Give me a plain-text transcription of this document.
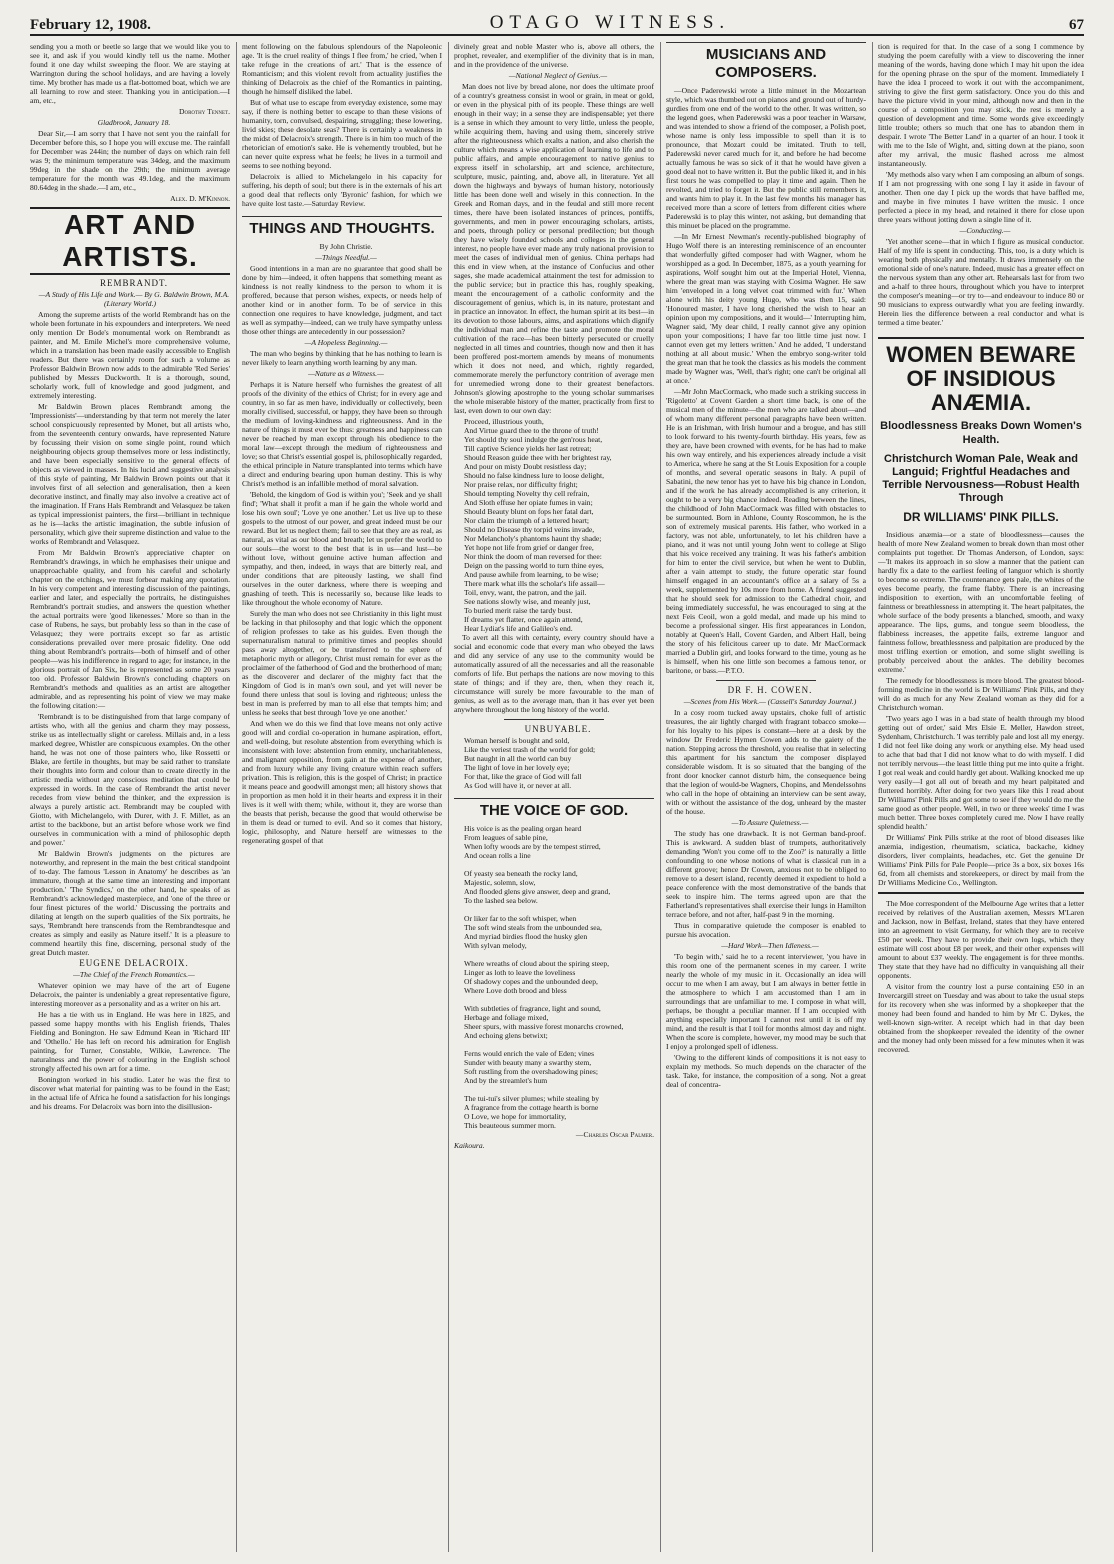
February 12, 1908.	OTAGO WITNESS.	67

sending you a moth or beetle so large that we would like you to see it, and ask if you would kindly tell us the name. Mother found it one day whilst sweeping the floor. We are staying at Warrington during the school holidays, and are having a lovely time. My brother has made us a flat-bottomed boat, which we are all learning to row and steer. Thanking you in anticipation.—I am, etc.,

Dorothy Tennet.

Gladbrook, January 18.

Dear Sir,—I am sorry that I have not sent you the rainfall for December before this, so I hope you will excuse me. The rainfall for December was 244in; the number of days on which rain fell was 9; the minimum temperature was 34deg, and the maximum 99deg in the shade on the 29th; the minimum average temperature for the month was 49.1deg, and the maximum 80.64deg in the shade.—I am, etc.,

Alex. D. M'Kinnon.

ART AND ARTISTS.

REMBRANDT.

—A Study of His Life and Work.— By G. Baldwin Brown, M.A. (Literary World.)

Among the supreme artists of the world Rembrandt has on the whole been fortunate in his expounders and interpreters. We need only mention Dr Bode's monumental work on Rembrandt as painter, and M. Emile Michel's more comprehensive volume, which in a translation has been made easily accessible to English readers. But there was certainly room for such a volume as Professor Baldwin Brown now adds to the admirable 'Red Series' published by Messrs Duckworth. It is a thorough, sound, scholarly work, full of knowledge and good judgment, and extremely interesting.

Mr Baldwin Brown places Rembrandt among the 'Impressionists'—understanding by that term not merely the later school conspicuously represented by Monet, but all artists who, from the seventeenth century onwards, have represented Nature by focussing their vision on some single point, round which neighbouring objects group themselves more or less indistinctly, and have been especially sensitive to the general effects of objects as viewed in masses. In his lucid and suggestive analysis of this style of painting, Mr Baldwin Brown points out that it involves first of all selection and generalisation, then a keen decorative instinct, and finally may also involve a creative act of the imagination. If Frans Hals Rembrandt and Velasquez be taken as typical impressionist painters, the first—brilliant in technique as he is—lacks the artistic imagination, the subtle infusion of personality, which give their supreme distinction and value to the works of Rembrandt and Velasquez.

From Mr Baldwin Brown's appreciative chapter on Rembrandt's drawings, in which he emphasises their unique and unapproachable quality, and from his careful and scholarly chapter on the etchings, we must forbear making any quotation. In his very competent and interesting discussion of the paintings, earlier and later, and especially the portraits, he distinguishes Rembrandt's portrait studies, and answers the question whether the actual portraits were 'good likenesses.' More so than in the case of Rubens, he says, but probably less so than in the case of Velasquez; they were portraits except so far as artistic considerations prevailed over mere prosaic fidelity. One odd thing about Rembrandt's portraits—both of himself and of other people—was his indifference in regard to age; for instance, in the glorious portrait of Jan Six, he is represented as some 20 years too old. Professor Baldwin Brown's concluding chapters on Rembrandt's methods and qualities as an artist are altogether admirable, and as representing his point of view we may make the following citation:—

'Rembrandt is to be distinguished from that large company of artists who, with all the genius and charm they may possess, strike us as intellectually slight or careless. Millais and, in a less marked degree, Whistler are conspicuous examples. On the other hand, he was not one of those painters who, like Rossetti or Blake, are fertile in thoughts, but may be said rather to translate their thoughts into form and colour than to create directly in the artistic media without any conscious meditation that could be expressed in words. In the case of Rembrandt the artist never recedes from view behind the thinker, and the expression is always a purely artistic act. Rembrandt may be coupled with Giotto, with Michelangelo, with Durer, with J. F. Millet, as an artist to the backbone, but an artist before whose work we find ourselves in communication with a mind of philosophic depth and power.'

Mr Baldwin Brown's judgments on the pictures are noteworthy, and represent in the main the best critical standpoint of to-day. The famous 'Lesson in Anatomy' he describes as 'an immature, though at the same time an interesting and important production.' 'The Syndics,' on the other hand, he speaks of as Rembrandt's acknowledged masterpiece, and 'one of the three or four finest pictures of the world.' Discussing the portraits and dilating at length on the superb qualities of the Six portraits, he says, 'Rembrandt here transcends from the Rembrandtesque and creates as simply and easily as Nature itself.' It is a pleasure to commend heartily this fine, discerning, personal study of the great Dutch master.

EUGENE DELACROIX.

—The Chief of the French Romantics.—

Whatever opinion we may have of the art of Eugene Delacroix, the painter is undeniably a great representative figure, interesting moreover as a personality and as a writer on his art.

He has a tie with us in England. He was here in 1825, and passed some happy months with his English friends, Thales Fielding and Bonington. He saw Edmund Kean in 'Richard III' and 'Othello.' He has left on record his admiration for English painting, for Turner, Constable, Wilkie, Lawrence. The naturalness and the power of colouring in the English school strongly affected his own art for a time.

Bonington worked in his studio. Later he was the first to discover what material for painting was to be found in the East; in the actual life of Africa he found a satisfaction for his longings and his dreams. For Delacroix was born into the disillusion-

ment following on the fabulous splendours of the Napoleonic age. 'It is the cruel reality of things I flee from,' he cried, 'when I take refuge in the creations of art.' That is the essence of Romanticism; and this violent revolt from actuality justifies the thinking of Delacroix as the chief of the Romantics in painting, though he himself disliked the label.

But of what use to escape from everyday existence, some may say, if there is nothing better to escape to than these visions of humanity, torn, convulsed, despairing, struggling; these lowering, livid skies; these desolate seas? There is certainly a weakness in the midst of Delacroix's strength. There is in him too much of the rhetorician of emotion's sake. He is vehemently troubled, but he can never quite express what he feels; he lives in a turmoil and seems to see nothing beyond.

Delacroix is allied to Michelangelo in his capacity for suffering, his depth of soul; but there is in the externals of his art a good deal that reflects only 'Byronic' fashion, for which we have quite lost taste.—Saturday Review.

THINGS AND THOUGHTS.

By John Christie.

—Things Needful.—

Good intentions in a man are no guarantee that good shall be done by him—indeed, it often happens that something meant as kindness is not really kindness to the person to whom it is proffered, because that person wishes, expects, or needs help of another kind or in another form. To be of service in this connection one requires to have knowledge, judgment, and tact as well as sympathy—indeed, can we truly have sympathy unless those other things are antecedently in our possession?

—A Hopeless Beginning.—

The man who begins by thinking that he has nothing to learn is never likely to learn anything worth learning by any man.

—Nature as a Witness.—

Perhaps it is Nature herself who furnishes the greatest of all proofs of the divinity of the ethics of Christ; for in every age and country, in so far as men have, individually or collectively, been morally civilised, successful, or happy, they have been so through the medium of loving-kindness and righteousness. And in the nature of things it must ever be thus: greatness and happiness can never be reached by man except through his obedience to the moral law—except through the medium of righteousness and love; so that Christ's essential gospel is, philosophically regarded, the ethical principle in Nature transplanted into terms which have a direct and enduring bearing upon human destiny. This is why Christ's method is an infallible method of moral salvation.

'Behold, the kingdom of God is within you'; 'Seek and ye shall find'; 'What shall it profit a man if he gain the whole world and lose his own soul'; 'Love ye one another.' Let us live up to these gospels to the utmost of our power, and great indeed must be our reward. But let us neglect them; fail to see that they are as real, as natural, as vital as our blood and breath; let us prefer the world to our souls—the worst to the best that is in us—and lust—be without love, without genuine active human affection and sympathy, and then, indeed, in ways that are bitterly real, and under conditions that are piteously lasting, we shall find ourselves in the outer darkness, where there is weeping and gnashing of teeth. This is necessarily so, because like leads to like throughout the whole economy of Nature.

Surely the man who does not see Christianity in this light must be lacking in that philosophy and that logic which the opponent of religion professes to take as his guides. Even though the supernaturalism natural to primitive times and peoples should pass away altogether, or be transferred to the sphere of metaphoric myth or allegory, Christ must remain for ever as the proclaimer of the fatherhood of God and the brotherhood of man; as the discoverer and declarer of the mighty fact that the Kingdom of God is in man's own soul, and yet will never be found there unless that soul is loving and righteous; unless the best in man is preferred by man to all else that tempts him; and unless he seeks that best through 'love ye one another.'

And when we do this we find that love means not only active good will and cordial co-operation in humane aspiration, effort, and well-doing, but resolute abstention from everything which is inconsistent with love: abstention from enmity, uncharitableness, and malignant opposition, from gain at the expense of another, and from luxury while any living creature within reach suffers privation. This is religion, this is the gospel of Christ; in practice it means peace and goodwill amongst men; all history shows that in proportion as men hold it in their hearts and express it in their lives is it well with them; while, without it, they are worse than the beasts that perish, because the good that would otherwise be in them is dead or turned to evil. And so it comes that history, logic, philosophy, and Nature herself are witnesses to the regenerating gospel of that

divinely great and noble Master who is, above all others, the prophet, revealer, and exemplifier of the divinity that is in man, and in the providence of the universe.

—National Neglect of Genius.—

Man does not live by bread alone, nor does the ultimate proof of a country's greatness consist in wool or grain, in meat or gold, or even in the physical pith of its people. These things are well enough in their way; in a sense they are indispensable; yet there is a sense in which they amount to very little, unless the people, while acquiring them, having and using them, sincerely strive after the righteousness which exalts a nation, and also cherish the culture which means a wise application of learning to life and to public affairs, and ample encouragement to native genius to express itself in scholarship, art and science, architecture, sculpture, music, painting, and, above all, in literature. Yet all down the highways and byways of human history, notoriously little has been done well and wisely in this connection. In the Greek and Roman days, and in the feudal and still more recent times, there have been isolated instances of princes, pontiffs, governments, and men in power encouraging scholars, artists, and poets, through policy or personal predilection; but though they have wisely founded schools and colleges in the general interest, no people have ever made any truly national provision to meet the cases of individual men of genius. China perhaps had this end in view when, at the instance of Confucius and other sages, she made academical attainment the test for admission to the public service; but in practice this has, roughly speaking, meant the encouragement of a catholic conformity and the discouragement of genius, which is, in its nature, protestant and in practice an innovator. In effect, the human spirit at its best—in its devotion to those labours, aims, and aspirations which dignify the individual man and refine the taste and promote the moral cultivation of the race—has been bitterly persecuted or cruelly neglected in all times and countries, though now and then it has been proffered post-mortem amends by means of monuments which it does not need, and which, rightly regarded, commemorate merely the perfunctory contrition of average men for unremedied wrong done to their greatest benefactors. Johnson's glowing apostrophe to the young scholar summarises the whole miserable history of the matter, practically from first to last, even down to our own day:

Proceed, illustrious youth,
And Virtue guard thee to the throne of truth!
Yet should thy soul indulge the gen'rous heat,
Till captive Science yields her last retreat;
Should Reason guide thee with her brightest ray,
And pour on misty Doubt resistless day;
Should no false kindness lure to loose delight,
Nor praise relax, nor difficulty fright;
Should tempting Novelty thy cell refrain,
And Sloth effuse her opiate fumes in vain;
Should Beauty blunt on fops her fatal dart,
Nor claim the triumph of a lettered heart;
Should no Disease thy torpid veins invade,
Nor Melancholy's phantoms haunt thy shade;
Yet hope not life from grief or danger free,
Nor think the doom of man reversed for thee:
Deign on the passing world to turn thine eyes,
And pause awhile from learning, to be wise;
There mark what ills the scholar's life assail—
Toil, envy, want, the patron, and the jail.
See nations slowly wise, and meanly just,
To buried merit raise the tardy bust.
If dreams yet flatter, once again attend,
Hear Lydiat's life and Galileo's end.

To avert all this with certainty, every country should have a social and economic code that every man who obeyed the laws and did any service of any use to the community would be automatically assured of all the necessaries and all the reasonable comforts of life. But perhaps the nations are now moving to this state of things; and if they are, then, when they reach it, circumstance will surely be more favourable to the man of genius, as well as to the average man, than it has ever yet been anywhere throughout the long history of the world.

UNBUYABLE.

Woman herself is bought and sold,
Like the veriest trash of the world for gold;
But naught in all the world can buy
The light of love in her lovely eye;
For that, like the grace of God will fall
As God will have it, or never at all.
THE VOICE OF GOD.
His voice is as the pealing organ heard
From leagues of sable pine,
When lofty woods are by the tempest stirred,
And ocean rolls a line

Of yeasty sea beneath the rocky land,
Majestic, solemn, slow,
And flooded glens give answer, deep and grand,
To the lashed sea below.

Or liker far to the soft whisper, when
The soft wind steals from the unbounded sea,
And myriad birdies flood the husky glen
With sylvan melody,

Where wreaths of cloud about the spiring steep,
Linger as loth to leave the loveliness
Of shadowy copes and the unbounded deep,
Where Love doth brood and bless

With subtleties of fragrance, light and sound,
Herbage and foliage mixed,
Sheer spurs, with massive forest monarchs crowned,
And echoing glens betwixt;

Ferns would enrich the vale of Eden; vines
Sunder with beauty many a swarthy stem,
Soft rustling from the overshadowing pines;
And by the streamlet's hum

The tui-tui's silver plumes; while stealing by
A fragrance from the cottage hearth is borne
O Love, we hope for immortality,
This beauteous summer morn.

—Charles Oscar Palmer.

Kaikoura.

MUSICIANS AND COMPOSERS.

—Once Paderewski wrote a little minuet in the Mozartean style, which was thumbed out on pianos and ground out of hurdy-gurdies from one end of the world to the other. It was written, so the legend goes, when Paderewski was a poor teacher in Warsaw, and was intended to show a friend of the composer, a Polish poet, whose name is only less impossible to spell than it is to pronounce, that Mozart could be imitated. Truth to tell, Paderewski never cared much for it, and before he had become actually famous he was so sick of it that he would have given a good deal not to have written it. But the public liked it, and in his first tours he was compelled to play it time and again. Then he revolted, and tried to forget it. But the public still remembers it, and wants him to play it. In the last few months his manager has received more than a score of letters from different cities where Paderewski is to play this winter, not asking, but demanding that this minuet be placed on the programme.

—In Mr Ernest Newman's recently-published biography of Hugo Wolf there is an interesting reminiscence of an encounter that wonderfully gifted composer had with Wagner, whom he worshipped as a god. In December, 1875, as a youth yearning for aspirations, Wolf sought him out at the Imperial Hotel, Vienna, where the great man was staying with Cosima Wagner. He saw him 'enveloped in a long velvet coat trimmed with fur.' When alone with his deity young Hugo, who was then 15, said: 'Honoured master, I have long cherished the wish to hear an opinion upon my compositions, and it would—' Interrupting him, Wagner said, 'My dear child, I really cannot give any opinion upon your compositions; I have far too little time just now. I cannot even get my letters written.' And he added, 'I understand nothing at all about music.' When the embryo song-writer told the great man that he took the classics as his models the comment made by Wagner was, 'Well, that's right; one can't be original all at once.'

—Mr John MacCormack, who made such a striking success in 'Rigoletto' at Covent Garden a short time back, is one of the musical men of the minute—the men who are talked about—and of whom many different personal paragraphs have been written. He is an Irishman, with Irish humour and a brogue, and has still to look forward to his twenty-fourth birthday. His years, few as they are, have been crowned with events, for he has had to make his own way entirely, and his experiences already include a visit to America, where he sang at the St Louis Exposition for a couple of months, and several operatic seasons in Italy. A pupil of Sabatini, the new tenor has yet to have his big chance in London, and if the work he has already accomplished is any criterion, it ought to be a very big chance indeed. Reading between the lines, the childhood of John MacCormack was filled with obstacles to be surmounted. Born in Athlone, County Roscommon, he is the son of extremely musical parents. His father, who worked in a factory, was not able, unfortunately, to let his children have a piano, and it was not until young John went to college at Sligo that his voice received any training. It was his father's ambition for him to enter the civil service, but when he went to Dublin, after a vain attempt to study, the future operatic star found himself engaged in an accountant's office at a salary of 5s a week, supplemented by 10s more from home. A friend suggested that he should seek for admission to the Cathedral choir, and being immediately successful, he was encouraged to sing at the next Feis Ceoil, won a gold medal, and made up his mind to become a professional singer. His first appearances in London, notably at Queen's Hall, Covent Garden, and Albert Hall, being the story of his felicitous career up to date. Mr MacCormack married a Dublin girl, and looks forward to the time, young as he is himself, when his one little son becomes a famous tenor, or baritone, or bass.—P.T.O.

DR F. H. COWEN.

—Scenes from His Work.— (Cassell's Saturday Journal.)

In a cosy room tucked away upstairs, choke full of artistic treasures, the air lightly charged with fragrant tobacco smoke—for his loyalty to his pipes is constant—here at a desk by the window Dr Frederic Hymen Cowen adds to the gaiety of the nation. Stepping across the threshold, you realise that in selecting this apartment for his sanctum the composer displayed considerable wisdom. It is so situated that the banging of the front door knocker cannot disturb him, the consequence being that the legion of would-be Wagners, Chopins, and Mendelssohns who call in the hope of obtaining an interview can be sent away, with or without the assistance of the dog, unheard by the master of the house.

—To Assure Quietness.—

The study has one drawback. It is not German band-proof. This is awkward. A sudden blast of trumpets, authoritatively demanding 'Won't you come off to the Zoo?' is naturally a little confounding to one whose notions of what is classical run in a different groove; hence Dr Cowen, anxious not to be obliged to remove to a desert island, recently deemed it expedient to hold a peace conference with the most demonstrative of the bands that seek to inspire him. The terms agreed upon are that the Fatherland's representatives shall exercise their lungs in Hamilton terrace before, and not after, half-past 9 in the morning.

Thus in comparative quietude the composer is enabled to pursue his avocation.

—Hard Work—Then Idleness.—

'To begin with,' said he to a recent interviewer, 'you have in this room one of the permanent scenes in my career. I write nearly the whole of my music in it. Occasionally an idea will occur to me when I am away, but I am always in better fettle in the atmosphere to which I am accustomed than I am in surroundings that are unfamiliar to me. I compose in what will, perhaps, be thought a peculiar manner. If I am occupied with anything especially important I cannot rest until it is off my mind, and the result is that I toil for months almost day and night. When the score is complete, however, my mood may be such that I enjoy a prolonged spell of idleness.

'Owing to the different kinds of compositions it is not easy to explain my methods. So much depends on the character of the task. Take, for instance, the composition of a song. Not a great deal of concentra-

tion is required for that. In the case of a song I commence by studying the poem carefully with a view to discovering the inner meaning of the words, having done which I may hit upon the idea for the opening phrase on the spur of the moment. Immediately I have the idea I proceed to work it out with the accompaniment, striving to give the first germ satisfactory. Once you do this and have the picture vivid in your mind, although now and then in the course of a composition you may stick, the rest is merely a question of development and time. Some words give exceedingly little trouble; others so much that one has to abandon them in despair. I wrote 'The Better Land' in a quarter of an hour. I took it with me to the Isle of Wight, and, sitting down at the piano, soon after my arrival, the music flashed across me almost instantaneously.

'My methods also vary when I am composing an album of songs. If I am not progressing with one song I lay it aside in favour of another. Then one day I pick up the words that have baffled me, and maybe in five minutes I have written the music. I once perfected a piece in my head, and retained it there for close upon three years without jotting down a single line of it.

—Conducting.—

'Yet another scene—that in which I figure as musical conductor. Half of my life is spent in conducting. This, too, is a duty which is wearing both physically and mentally. It draws immensely on the emotional side of one's nature. Indeed, music has a greater effect on the nervous system than any other art. Rehearsals last for from two and a-half to three hours, throughout which you have to interpret the composer's meaning—or try to—and endeavour to induce 80 or 90 musicians to express outwardly what you are feeling inwardly. Herein lies the difference between a real conductor and what is termed a time beater.'

WOMEN BEWARE OF INSIDIOUS ANÆMIA.
Bloodlessness Breaks Down Women's Health.
Christchurch Woman Pale, Weak and Languid; Frightful Headaches and Terrible Nervousness—Robust Health Through
DR WILLIAMS' PINK PILLS.

Insidious anæmia—or a state of bloodlessness—causes the health of more New Zealand women to break down than most other complaints put together. Dr Thomas Anderson, of London, says:—'It makes its approach in so slow a manner that the patient can hardly fix a date to the earliest feeling of languor which is shortly to become so extreme. The countenance gets pale, the whites of the eyes become pearly, the frame flabby. There is an increasing indisposition to exertion, with an uncomfortable feeling of faintness or breathlessness in attempting it. The heart palpitates, the whole surface of the body presents a blanched, smooth, and waxy appearance. The lips, gums, and tongue seem bloodless, the flabbiness increases, the appetite fails, extreme languor and faintness follow, breathlessness and palpitation are produced by the most trifling exertion or emotion, and some slight swelling is probably perceived about the ankles. The debility becomes extreme.'

The remedy for bloodlessness is more blood. The greatest blood-forming medicine in the world is Dr Williams' Pink Pills, and they will do as much for any New Zealand woman as they did for a Christchurch woman.

'Two years ago I was in a bad state of health through my blood getting out of order,' said Mrs Elsie E. Meller, Hawdon street, Sydenham, Christchurch. 'I was terribly pale and lost all my energy. I did not feel like doing any work or anything else. My head used to ache that bad that I did not know what to do with myself. I did not terribly nervous—the least little thing put me into quite a fright. I got real weak and could hardly get about. Walking knocked me up very easily—I got all out of breath and my heart palpitated and fluttered horribly. After doing for two years like this I read about Dr Williams' Pink Pills and got some to see if they would do me the same good as other people. Well, in two or three weeks' time I was much better. Three boxes completely cured me. Now I have really splendid health.'

Dr Williams' Pink Pills strike at the root of blood diseases like anæmia, indigestion, rheumatism, sciatica, backache, kidney disorders, liver complaints, headaches, etc. Get the genuine Dr Williams' Pink Pills for Pale People—price 3s a box, six boxes 16s 6d, from all chemists and storekeepers, or direct by mail from the Dr Williams Medicine Co., Wellington.

The Moe correspondent of the Melbourne Age writes that a letter received by relatives of the Australian axemen, Messrs M'Laren and Jackson, now in Belfast, Ireland, states that they have entered into an agreement to visit Germany, for which they are to receive £50 per week. They have to provide their own logs, which they estimate will cost about £8 per week, and their other expenses will amount to about £37 weekly. The engagement is for three months. They state that they have had no difficulty in vanquishing all their opponents.

A visitor from the country lost a purse containing £50 in an Invercargill street on Tuesday and was about to take the usual steps for its recovery when she was informed by a shopkeeper that the money had been found and handed to him by Mr C. Dykes, the well-known sign-writer. A receipt which had in that day been obtained from the shopkeeper revealed the identity of the owner and the money had only been missed for a few minutes when it was recovered.
